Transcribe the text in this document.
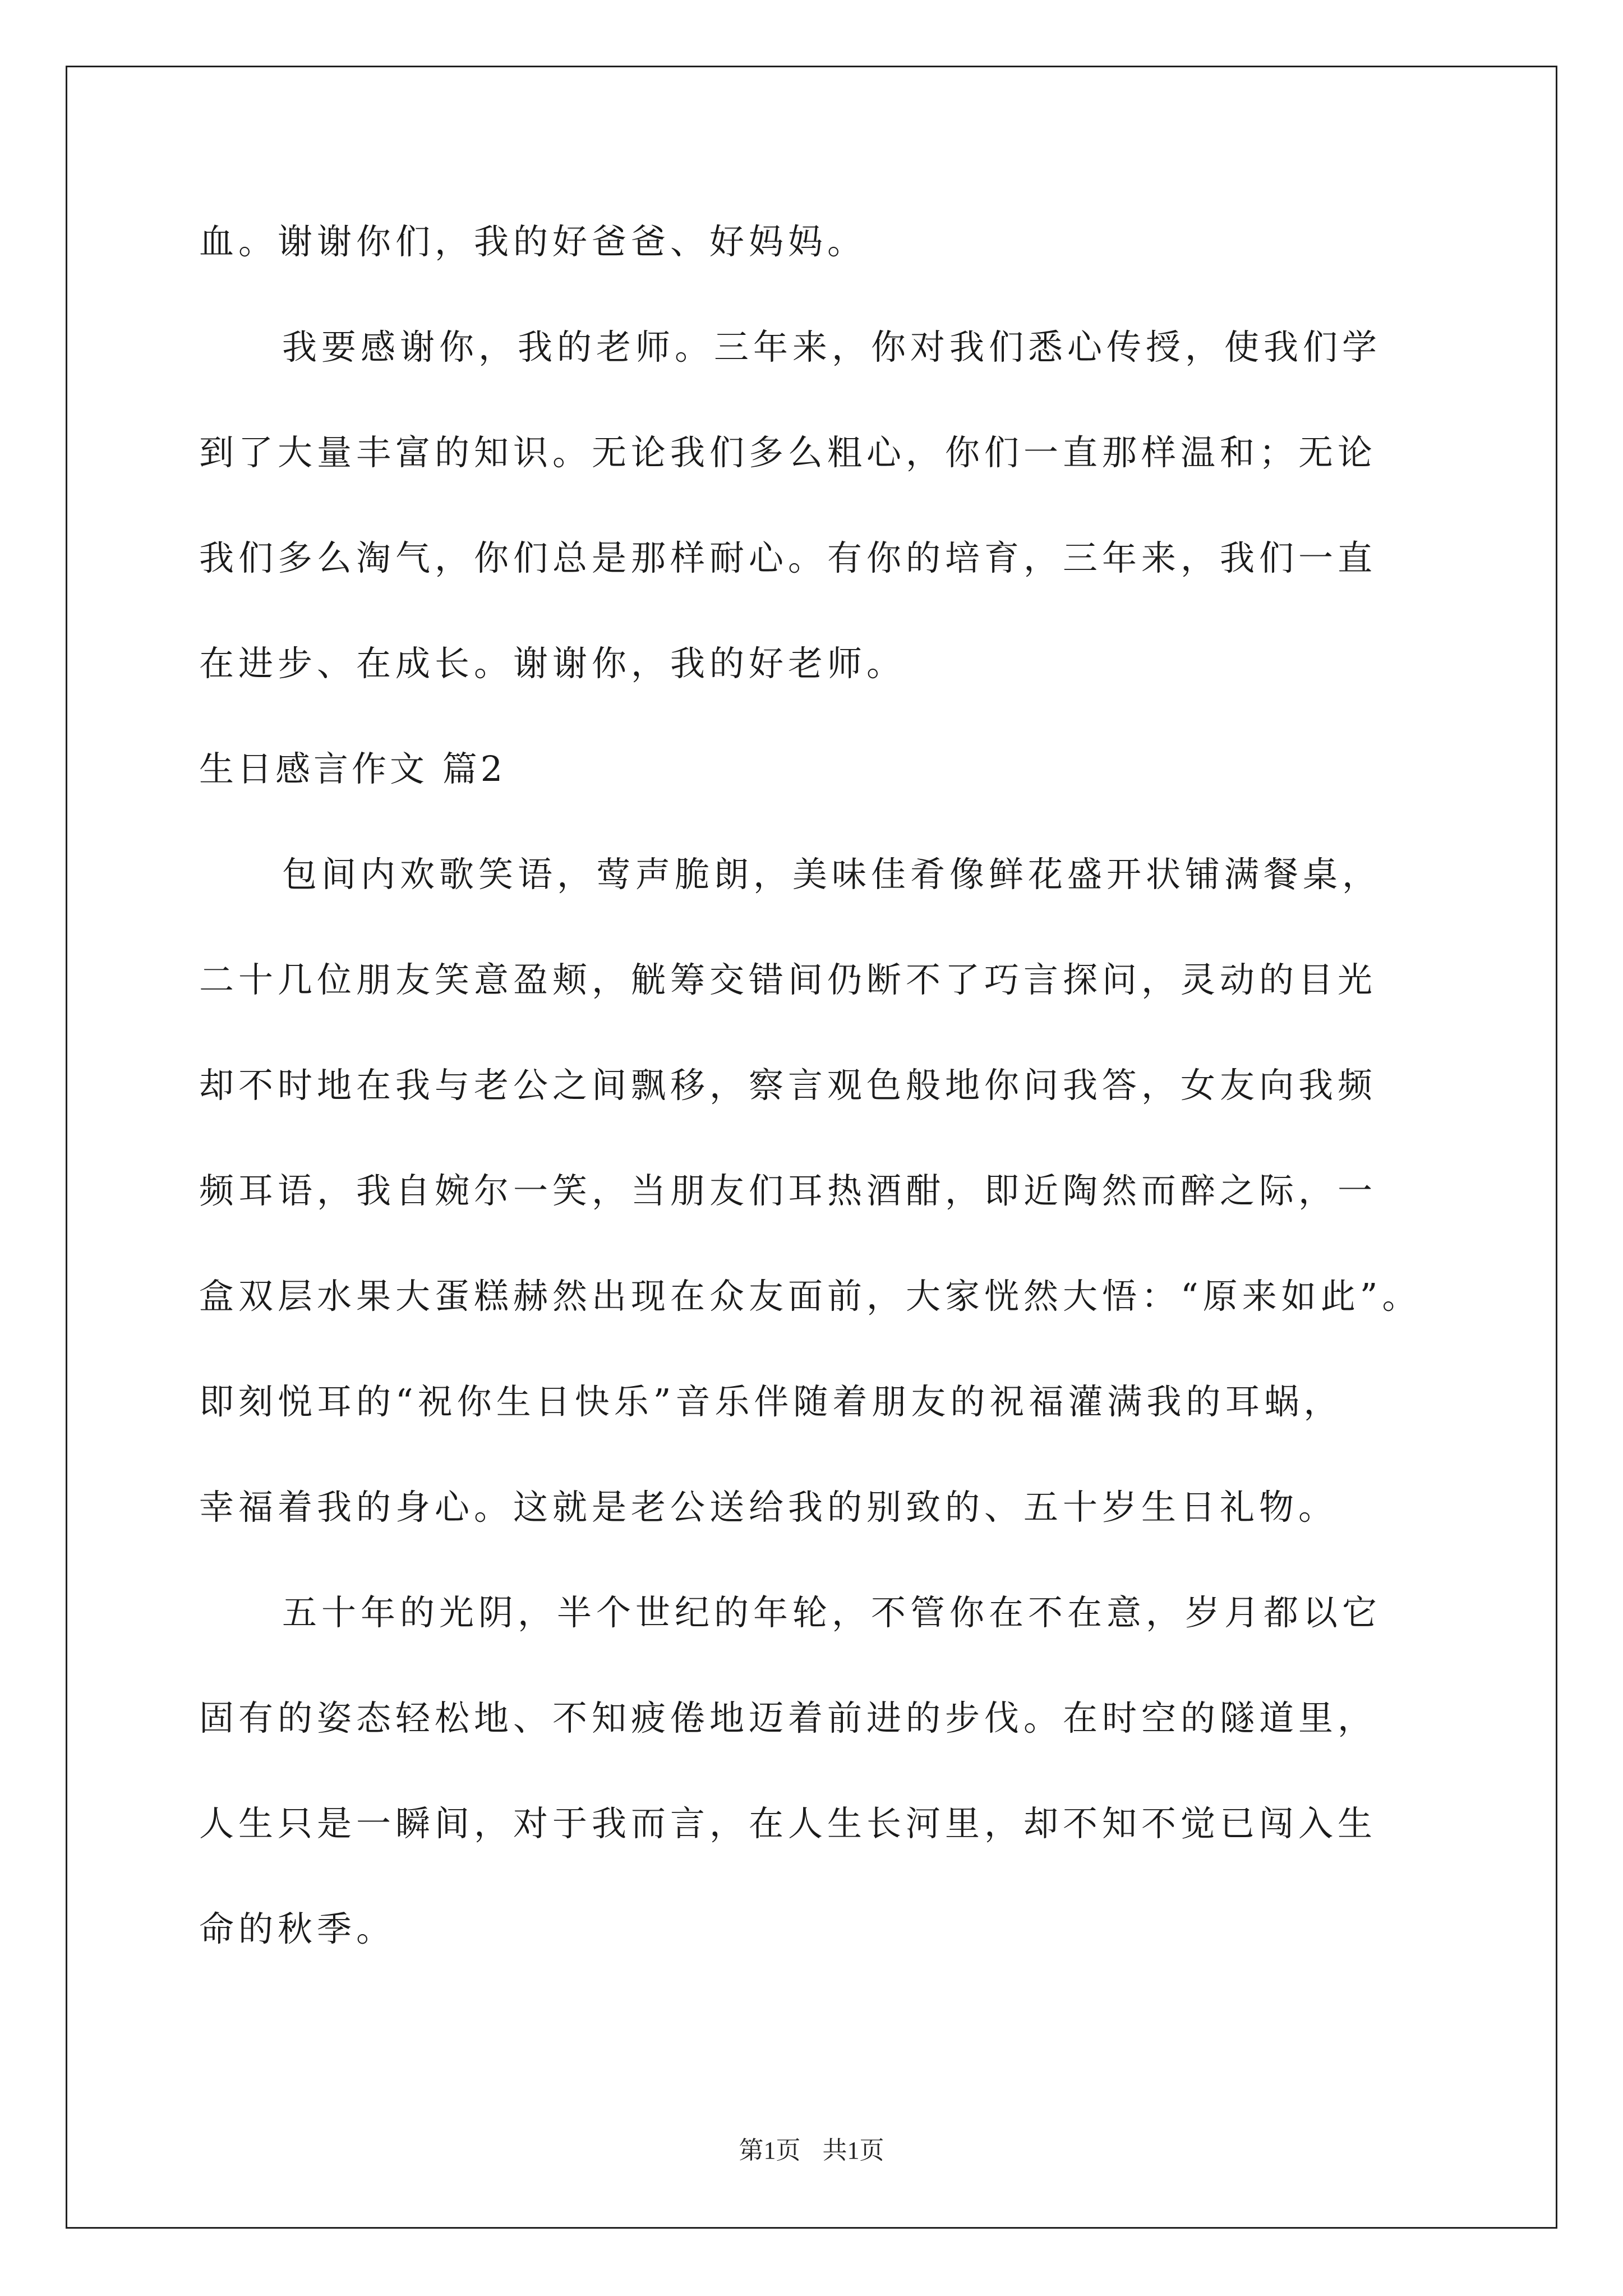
血。谢谢你们，我的好爸爸、好妈妈。
我要感谢你，我的老师。三年来，你对我们悉心传授，使我们学
到了大量丰富的知识。无论我们多么粗心，你们一直那样温和；无论
我们多么淘气，你们总是那样耐心。有你的培育，三年来，我们一直
在进步、在成长。谢谢你，我的好老师。
生日感言作文 篇2
包间内欢歌笑语，莺声脆朗，美味佳肴像鲜花盛开状铺满餐桌，
二十几位朋友笑意盈颊，觥筹交错间仍断不了巧言探问，灵动的目光
却不时地在我与老公之间飘移，察言观色般地你问我答，女友向我频
频耳语，我自婉尔一笑，当朋友们耳热酒酣，即近陶然而醉之际，一
盒双层水果大蛋糕赫然出现在众友面前，大家恍然大悟：“原来如此”。
即刻悦耳的“祝你生日快乐”音乐伴随着朋友的祝福灌满我的耳蜗，
幸福着我的身心。这就是老公送给我的别致的、五十岁生日礼物。
五十年的光阴，半个世纪的年轮，不管你在不在意，岁月都以它
固有的姿态轻松地、不知疲倦地迈着前进的步伐。在时空的隧道里，
人生只是一瞬间，对于我而言，在人生长河里，却不知不觉已闯入生
命的秋季。
第1页 共1页
